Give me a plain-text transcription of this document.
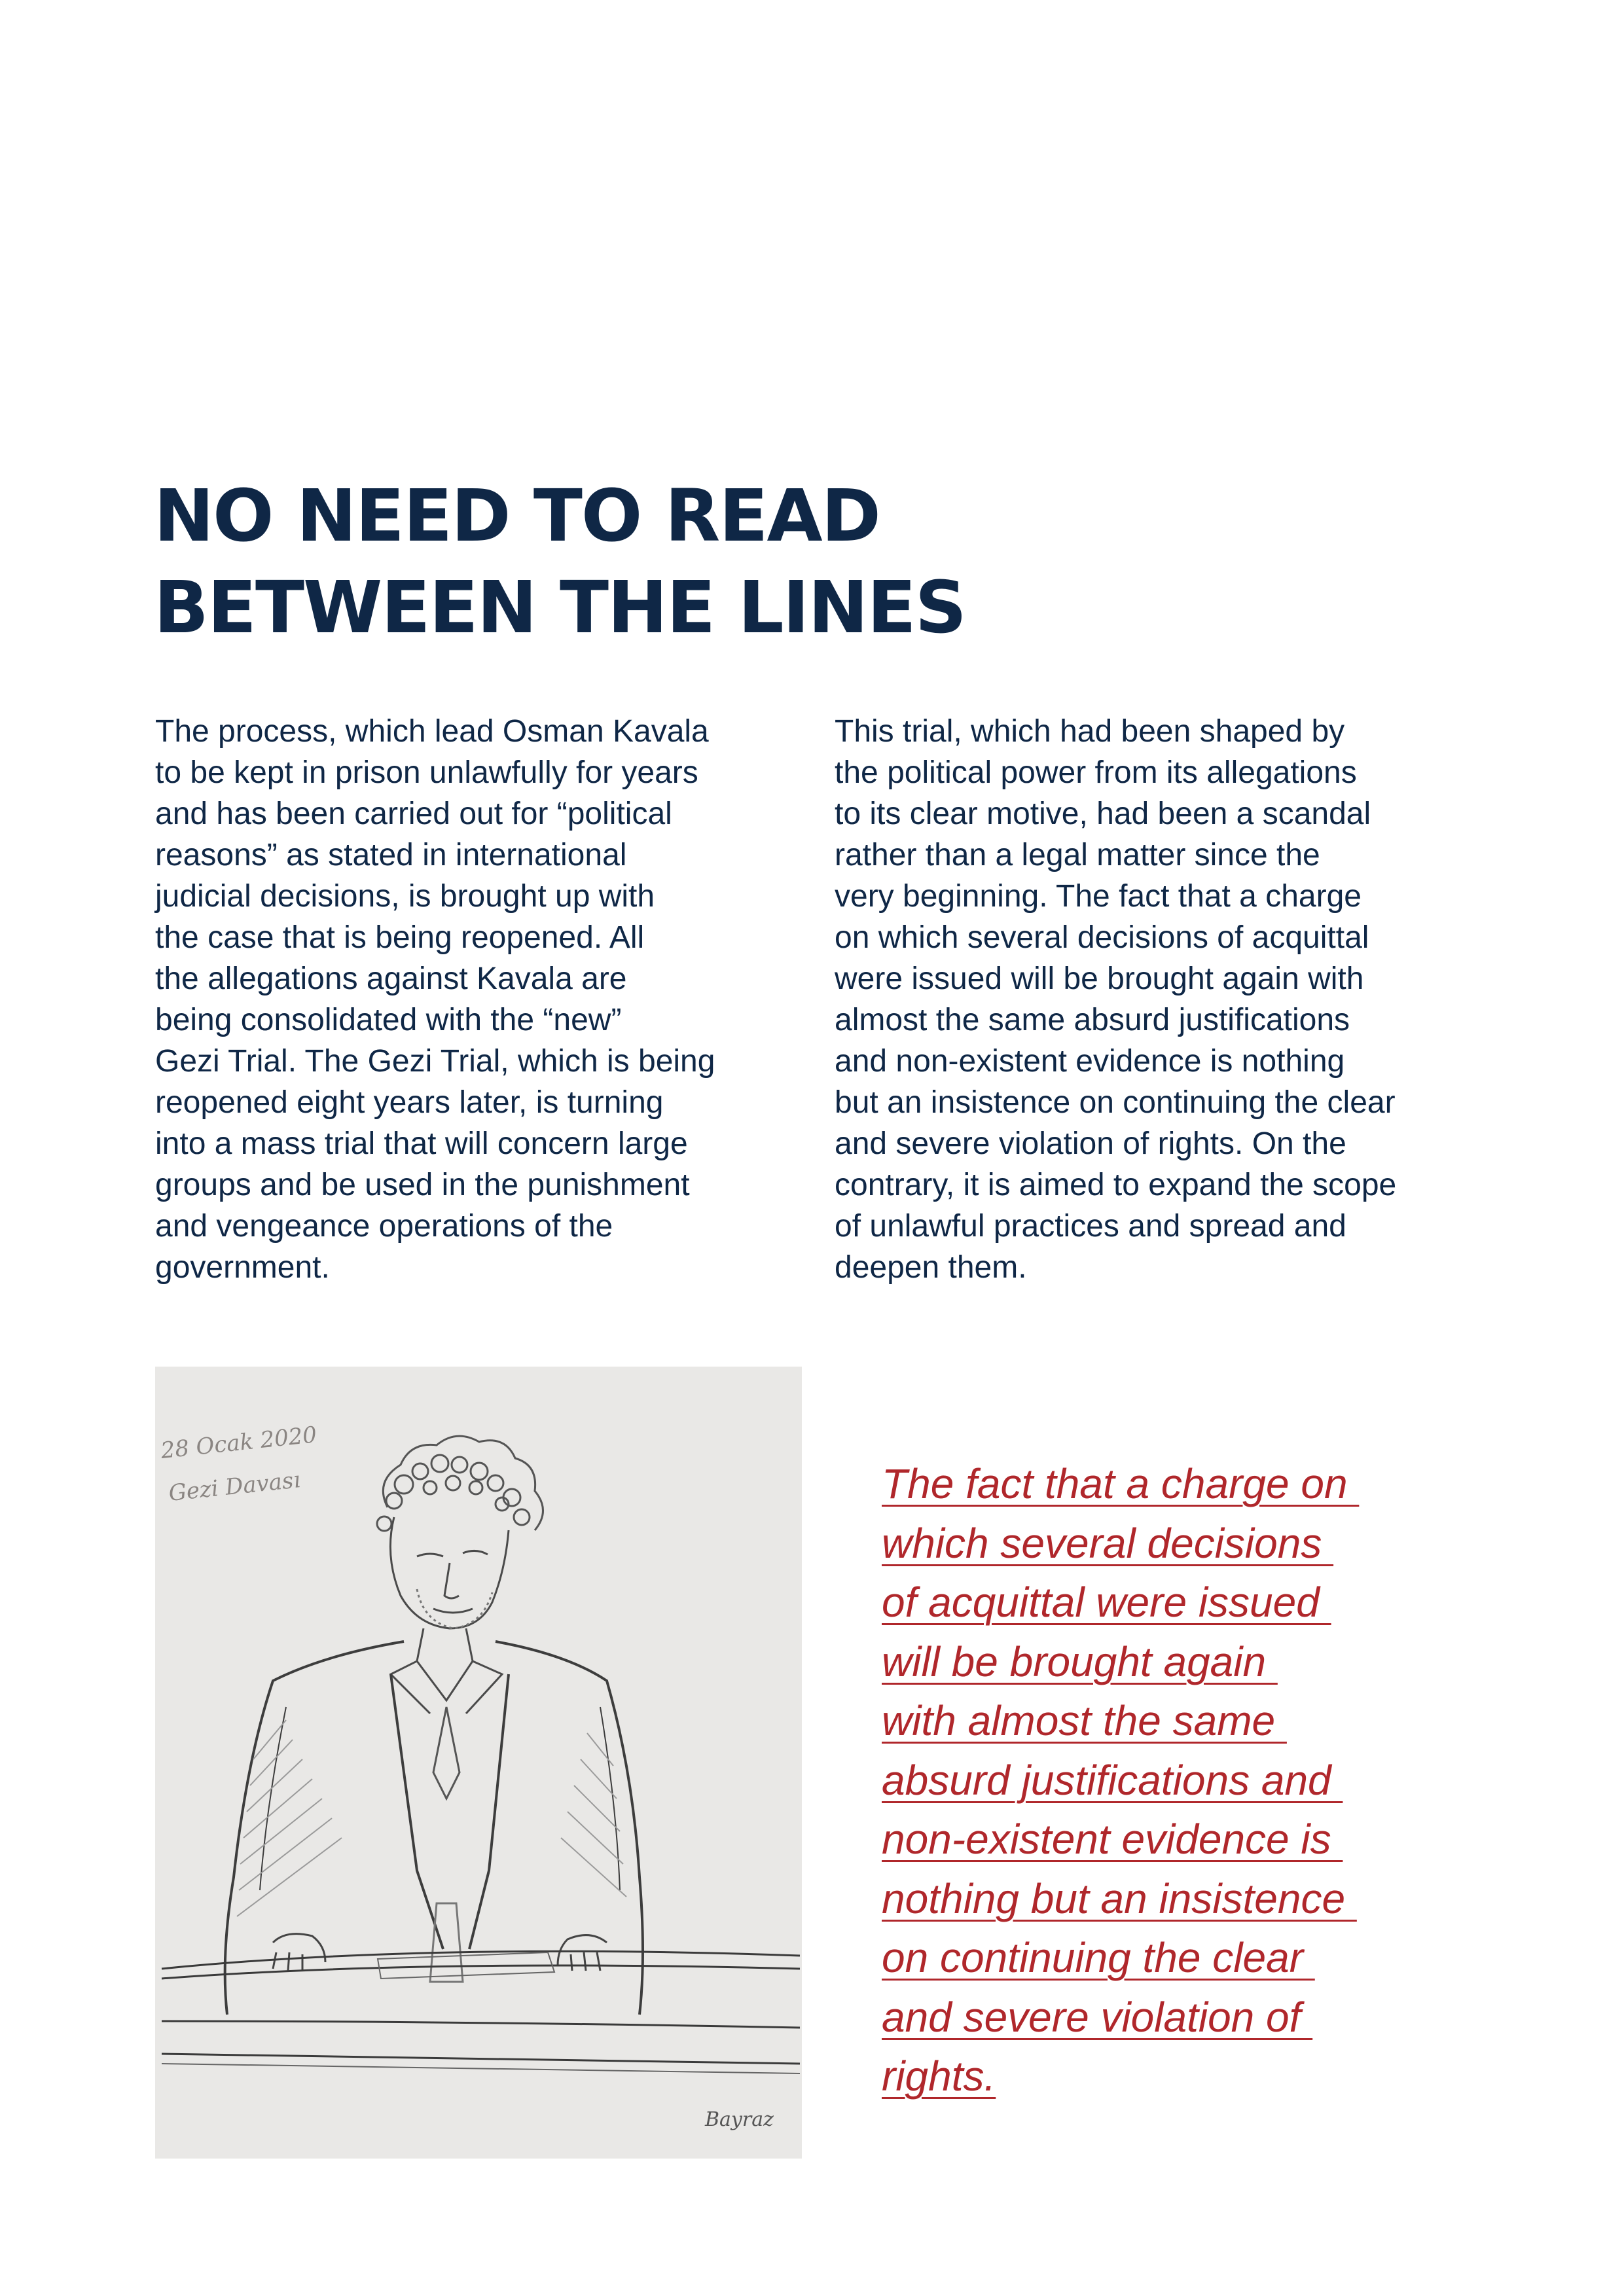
NO NEED TO READ
BETWEEN THE LINES
The process, which lead Osman Kavala
to be kept in prison unlawfully for years
and has been carried out for “political
reasons” as stated in international
judicial decisions, is brought up with
the case that is being reopened. All
the allegations against Kavala are
being consolidated with the “new”
Gezi Trial. The Gezi Trial, which is being
reopened eight years later, is turning
into a mass trial that will concern large
groups and be used in the punishment
and vengeance operations of the
government.
This trial, which had been shaped by
the political power from its allegations
to its clear motive, had been a scandal
rather than a legal matter since the
very beginning. The fact that a charge
on which several decisions of acquittal
were issued will be brought again with
almost the same absurd justifications
and non-existent evidence is nothing
but an insistence on continuing the clear
and severe violation of rights. On the
contrary, it is aimed to expand the scope
of unlawful practices and spread and
deepen them.
28 Ocak 2020
Gezi Davası
Bayraz
The fact that a charge on
which several decisions
of acquittal were issued
will be brought again
with almost the same
absurd justifications and
non-existent evidence is
nothing but an insistence
on continuing the clear
and severe violation of
rights.
